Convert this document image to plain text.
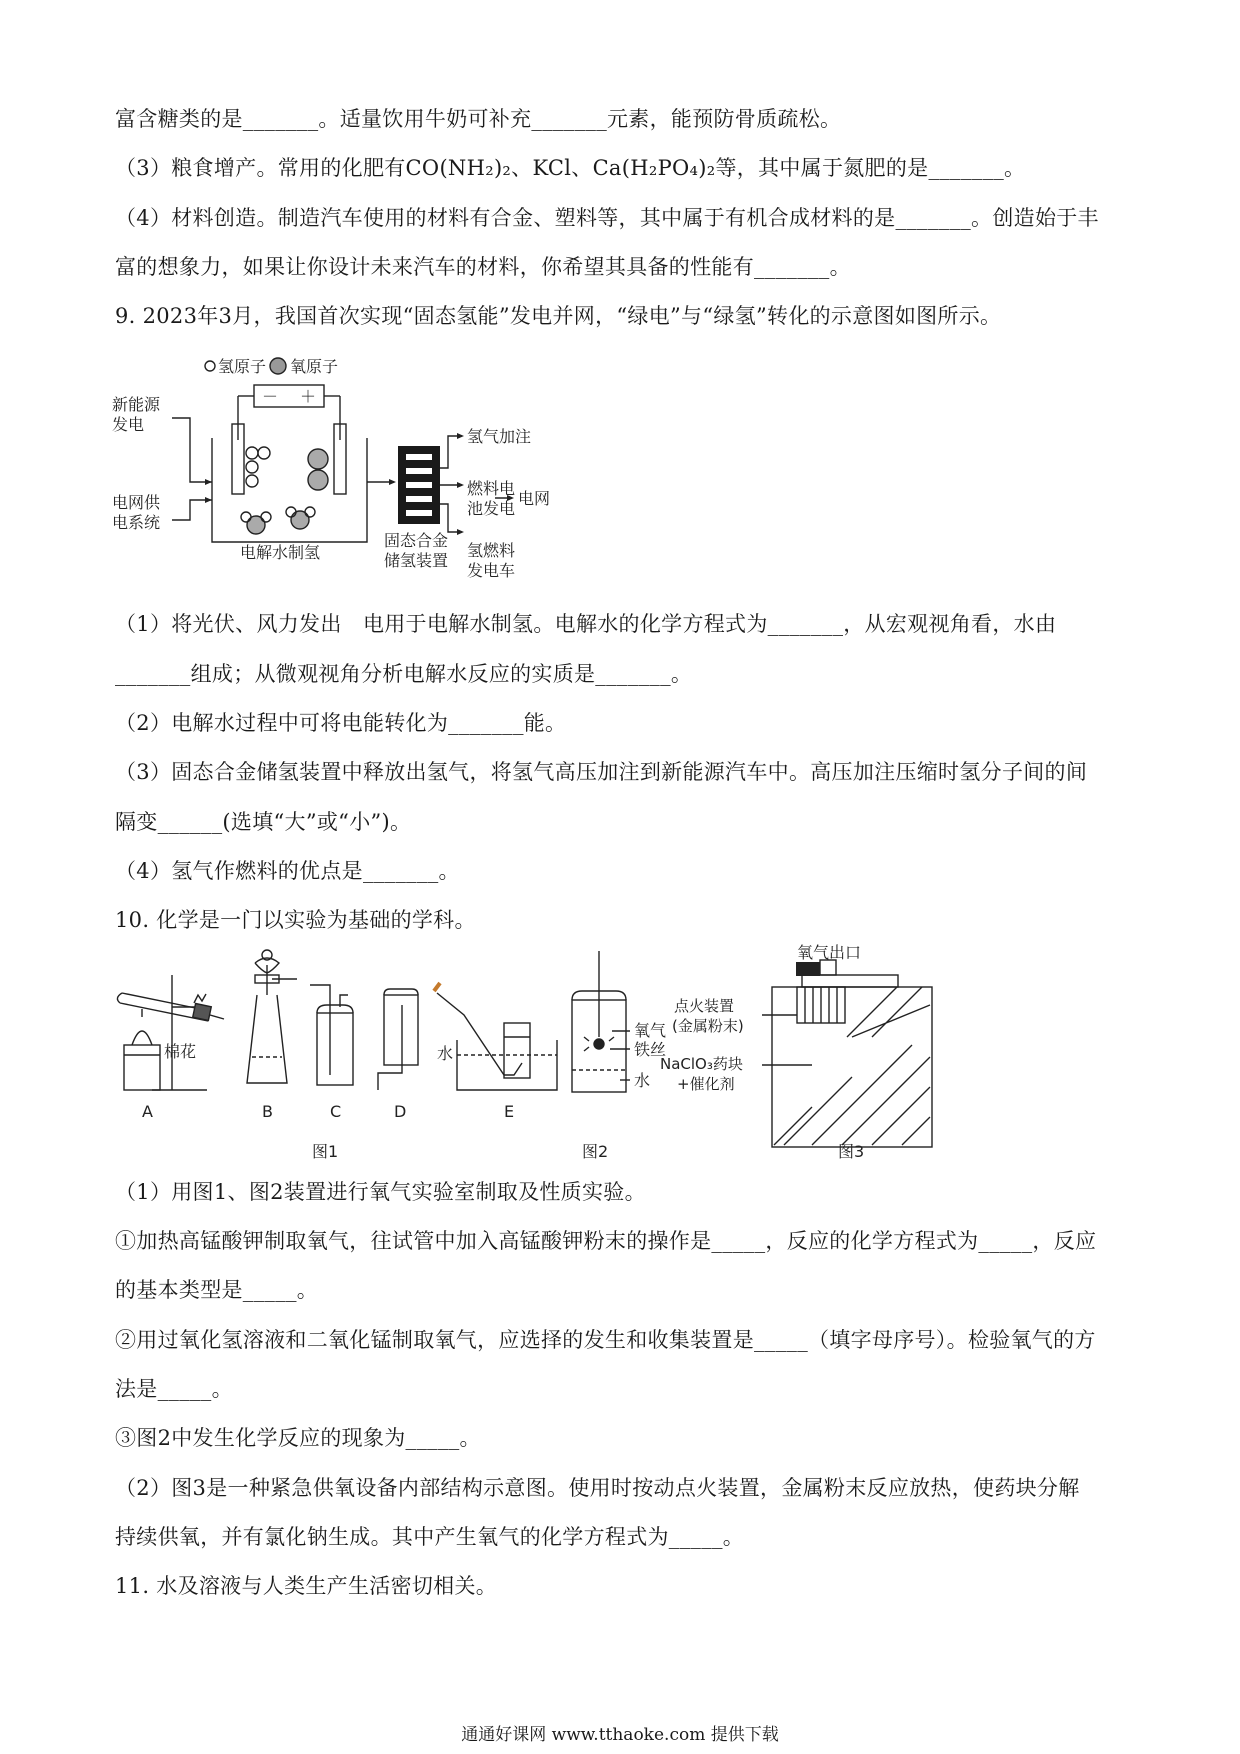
富含糖类的是_______。适量饮用牛奶可补充_______元素，能预防骨质疏松。
（3）粮食增产。常用的化肥有CO(NH₂)₂、KCl、Ca(H₂PO₄)₂等，其中属于氮肥的是_______。
（4）材料创造。制造汽车使用的材料有合金、塑料等，其中属于有机合成材料的是_______。创造始于丰
富的想象力，如果让你设计未来汽车的材料，你希望其具备的性能有_______。
9. 2023年3月，我国首次实现“固态氢能”发电并网，“绿电”与“绿氢”转化的示意图如图所示。
氢原子 氧原子
－ ＋
新能源
发电
电网供
电系统
电解水制氢
固态合金
储氢装置
氢气加注
燃料电
池发电
电网
氢燃料
发电车
（1）将光伏、风力发出　电用于电解水制氢。电解水的化学方程式为_______，从宏观视角看，水由
_______组成；从微观视角分析电解水反应的实质是_______。
（2）电解水过程中可将电能转化为_______能。
（3）固态合金储氢装置中释放出氢气，将氢气高压加注到新能源汽车中。高压加注压缩时氢分子间的间
隔变______(选填“大”或“小”)。
（4）氢气作燃料的优点是_______。
10. 化学是一门以实验为基础的学科。
棉花
A	B	C	D	E
水
氧气
铁丝
水
氧气出口
点火装置
(金属粉末)
NaClO₃药块
+催化剂
图1	图2	图3
（1）用图1、图2装置进行氧气实验室制取及性质实验。
①加热高锰酸钾制取氧气，往试管中加入高锰酸钾粉末的操作是_____，反应的化学方程式为_____，反应
的基本类型是_____。
②用过氧化氢溶液和二氧化锰制取氧气，应选择的发生和收集装置是_____（填字母序号）。检验氧气的方
法是_____。
③图2中发生化学反应的现象为_____。
（2）图3是一种紧急供氧设备内部结构示意图。使用时按动点火装置，金属粉末反应放热，使药块分解
持续供氧，并有氯化钠生成。其中产生氧气的化学方程式为_____。
11. 水及溶液与人类生产生活密切相关。
通通好课网 www.tthaoke.com 提供下载
